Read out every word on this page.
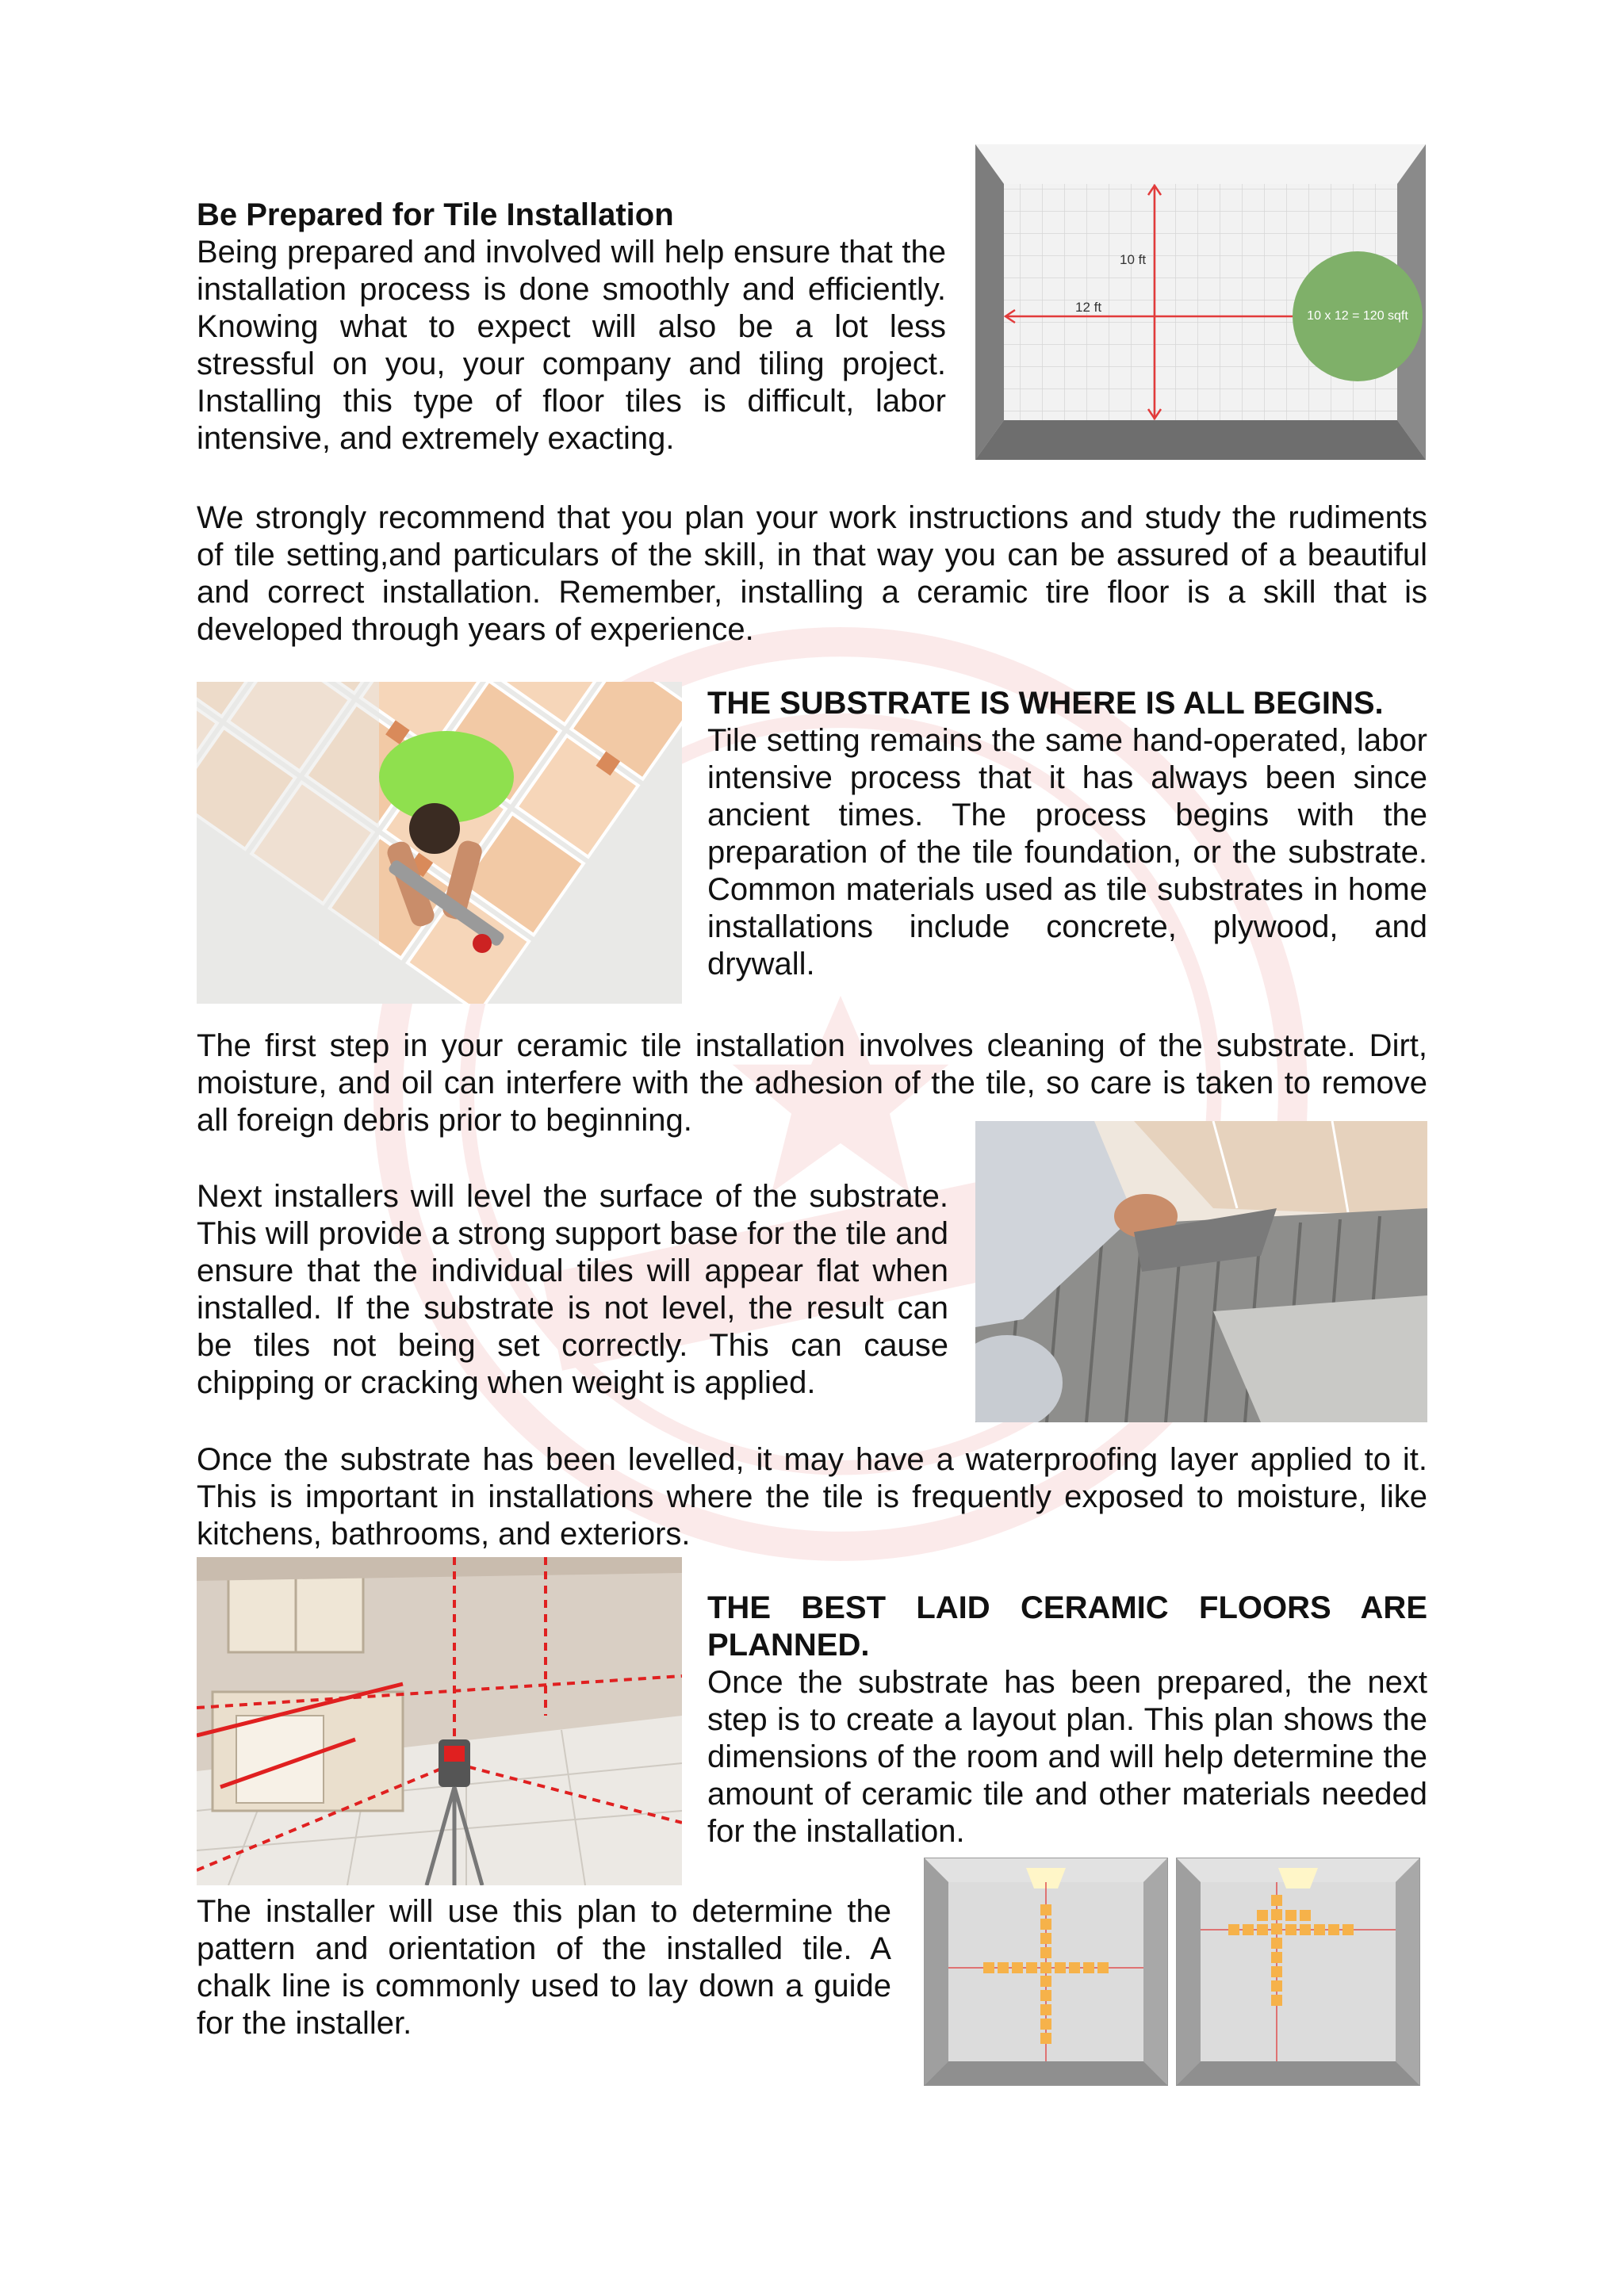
Be Prepared for Tile Installation
Being prepared and involved will help ensure that the installation process is done smoothly and efficiently. Knowing what to expect will also be a lot less stressful on you, your company and tiling project. Installing this type of floor tiles is difficult, labor intensive, and extremely exacting.
10 ft
12 ft
10 x 12 = 120 sqft
We strongly recommend that you plan your work instructions and study the rudiments of tile setting,and particulars of the skill, in that way you can be assured of a beautiful and correct installation. Remember, installing a ceramic tire floor is a skill that is developed through years of experience.
THE SUBSTRATE IS WHERE IS ALL BEGINS.
Tile setting remains the same hand-operated, labor intensive process that it has always been since ancient times. The process begins with the preparation of the tile foundation, or the substrate. Common materials used as tile substrates in home installations include concrete, plywood, and drywall.
The first step in your ceramic tile installation involves cleaning of the substrate. Dirt, moisture, and oil can interfere with the adhesion of the tile, so care is taken to remove all foreign debris prior to beginning.
Next installers will level the surface of the substrate. This will provide a strong support base for the tile and ensure that the individual tiles will appear flat when installed. If the substrate is not level, the result can be tiles not being set correctly. This can cause chipping or cracking when weight is applied.
Once the substrate has been levelled, it may have a waterproofing layer applied to it. This is important in installations where the tile is frequently exposed to moisture, like kitchens, bathrooms, and exteriors.
THE BEST LAID CERAMIC FLOORS ARE PLANNED.
Once the substrate has been prepared, the next step is to create a layout plan. This plan shows the dimensions of the room and will help determine the amount of ceramic tile and other materials needed for the installation.
The installer will use this plan to determine the pattern and orientation of the installed tile. A chalk line is commonly used to lay down a guide for the installer.
